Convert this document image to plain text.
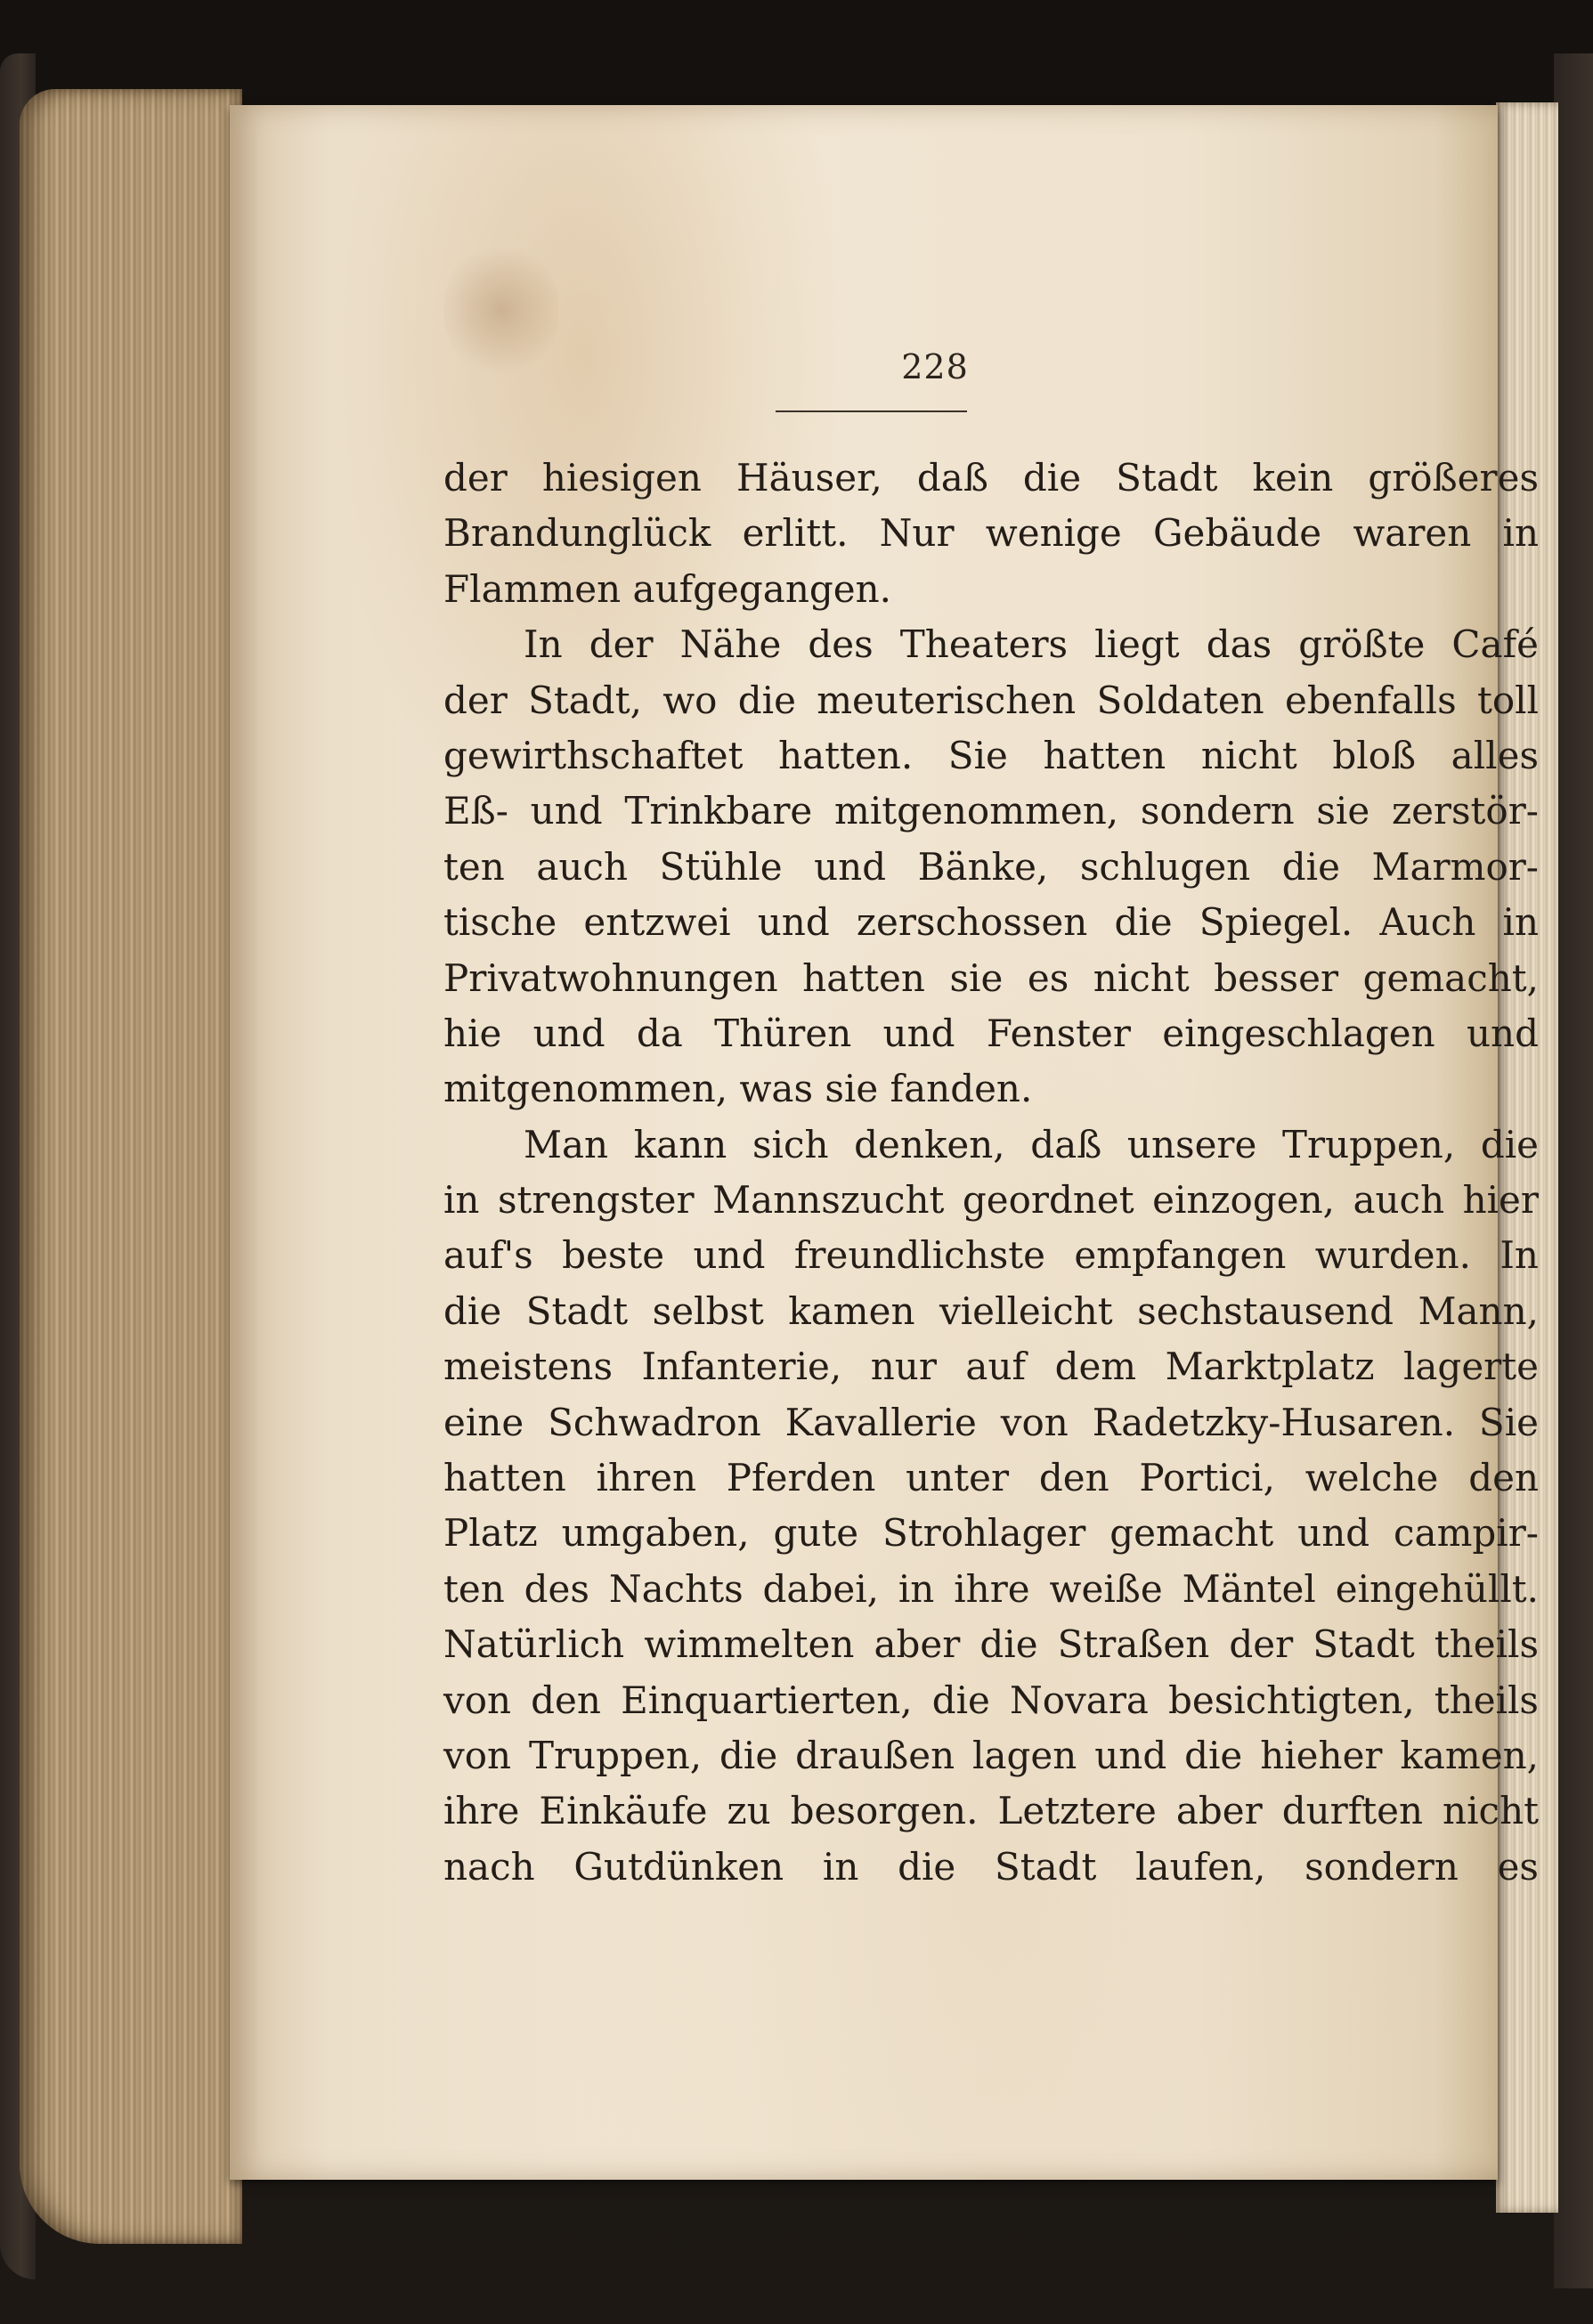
228
der hiesigen Häuser, daß die Stadt kein größeres
Brandunglück erlitt. Nur wenige Gebäude waren in
Flammen aufgegangen.
In der Nähe des Theaters liegt das größte Café
der Stadt, wo die meuterischen Soldaten ebenfalls toll
gewirthschaftet hatten. Sie hatten nicht bloß alles
Eß- und Trinkbare mitgenommen, sondern sie zerstör-
ten auch Stühle und Bänke, schlugen die Marmor-
tische entzwei und zerschossen die Spiegel. Auch in
Privatwohnungen hatten sie es nicht besser gemacht,
hie und da Thüren und Fenster eingeschlagen und
mitgenommen, was sie fanden.
Man kann sich denken, daß unsere Truppen, die
in strengster Mannszucht geordnet einzogen, auch hier
auf's beste und freundlichste empfangen wurden. In
die Stadt selbst kamen vielleicht sechstausend Mann,
meistens Infanterie, nur auf dem Marktplatz lagerte
eine Schwadron Kavallerie von Radetzky-Husaren. Sie
hatten ihren Pferden unter den Portici, welche den
Platz umgaben, gute Strohlager gemacht und campir-
ten des Nachts dabei, in ihre weiße Mäntel eingehüllt.
Natürlich wimmelten aber die Straßen der Stadt theils
von den Einquartierten, die Novara besichtigten, theils
von Truppen, die draußen lagen und die hieher kamen,
ihre Einkäufe zu besorgen. Letztere aber durften nicht
nach Gutdünken in die Stadt laufen, sondern es
